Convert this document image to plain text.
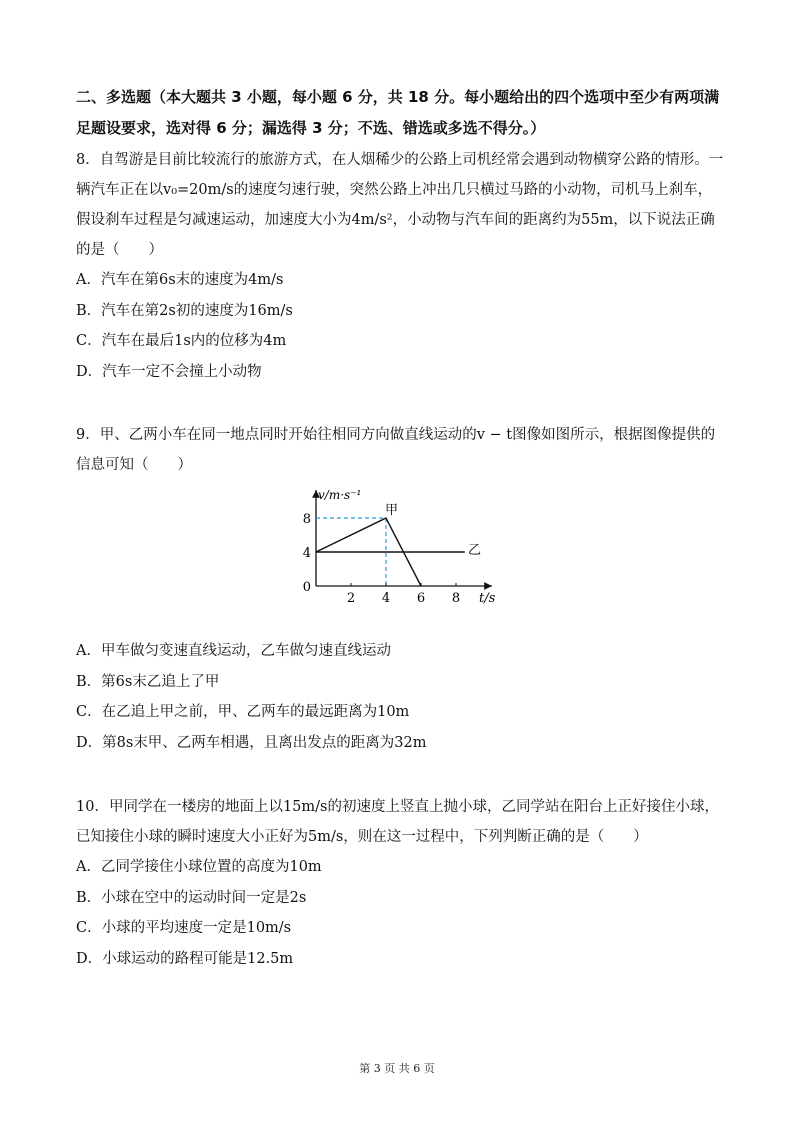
二、多选题（本大题共 3 小题，每小题 6 分，共 18 分。每小题给出的四个选项中至少有两项满足题设要求，选对得 6 分；漏选得 3 分；不选、错选或多选不得分。）

8．自驾游是目前比较流行的旅游方式，在人烟稀少的公路上司机经常会遇到动物横穿公路的情形。一辆汽车正在以v₀=20m/s的速度匀速行驶，突然公路上冲出几只横过马路的小动物，司机马上刹车，假设刹车过程是匀减速运动，加速度大小为4m/s²，小动物与汽车间的距离约为55m，以下说法正确的是（　　）

A．汽车在第6s末的速度为4m/s

B．汽车在第2s初的速度为16m/s

C．汽车在最后1s内的位移为4m

D．汽车一定不会撞上小动物

9．甲、乙两小车在同一地点同时开始往相同方向做直线运动的v − t图像如图所示，根据图像提供的信息可知（　　）

2 4 6 8
0
4
8
v/m·s⁻¹
t/s
甲
乙

A．甲车做匀变速直线运动，乙车做匀速直线运动

B．第6s末乙追上了甲

C．在乙追上甲之前，甲、乙两车的最远距离为10m

D．第8s末甲、乙两车相遇，且离出发点的距离为32m

10．甲同学在一楼房的地面上以15m/s的初速度上竖直上抛小球，乙同学站在阳台上正好接住小球，已知接住小球的瞬时速度大小正好为5m/s，则在这一过程中，下列判断正确的是（　　）

A．乙同学接住小球位置的高度为10m

B．小球在空中的运动时间一定是2s

C．小球的平均速度一定是10m/s

D．小球运动的路程可能是12.5m

第 3 页 共 6 页
